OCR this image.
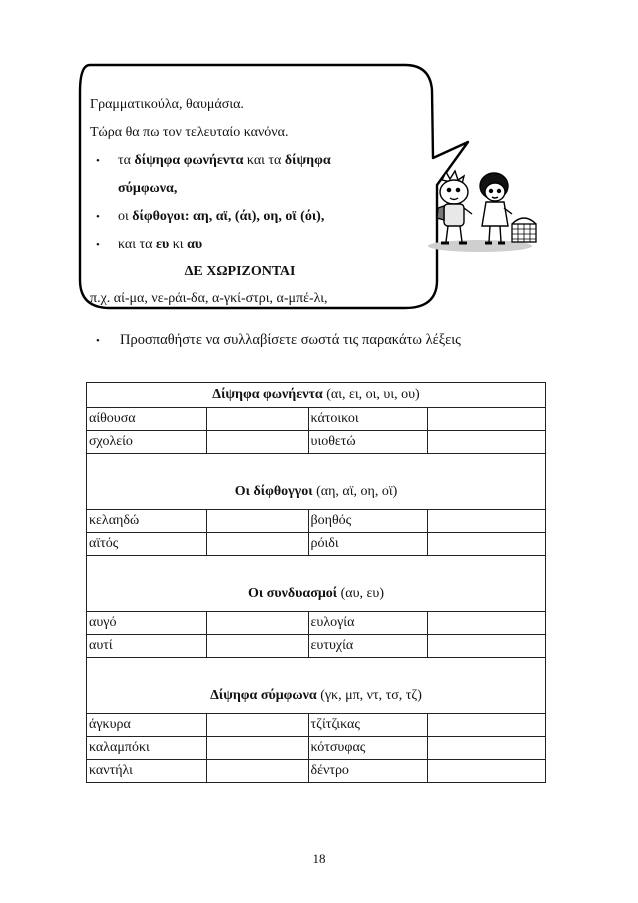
Γραμματικούλα, θαυμάσια.
Τώρα θα πω τον τελευταίο κανόνα.
• τα δίψηφα φωνήεντα και τα δίψηφα
σύμφωνα,
• οι δίφθογοι: αη, αϊ, (άι), οη, οϊ (όι),
• και τα ευ κι αυ
ΔΕ ΧΩΡΙΖΟΝΤΑΙ
π.χ. αί-μα, νε-ράι-δα, α-γκί-στρι, α-μπέ-λι,
• Προσπαθήστε να συλλαβίσετε σωστά τις παρακάτω λέξεις
Δίψηφα φωνήεντα (αι, ει, οι, υι, ου)			
αίθουσα		κάτοικοι	
σχολείο		υιοθετώ	
Οι δίφθογγοι (αη, αϊ, οη, οϊ)			
κελαηδώ		βοηθός	
αϊτός		ρόιδι	
Οι συνδυασμοί (αυ, ευ)			
αυγό		ευλογία	
αυτί		ευτυχία	
Δίψηφα σύμφωνα (γκ, μπ, ντ, τσ, τζ)			
άγκυρα		τζίτζικας	
καλαμπόκι		κότσυφας	
καντήλι		δέντρο	
18
